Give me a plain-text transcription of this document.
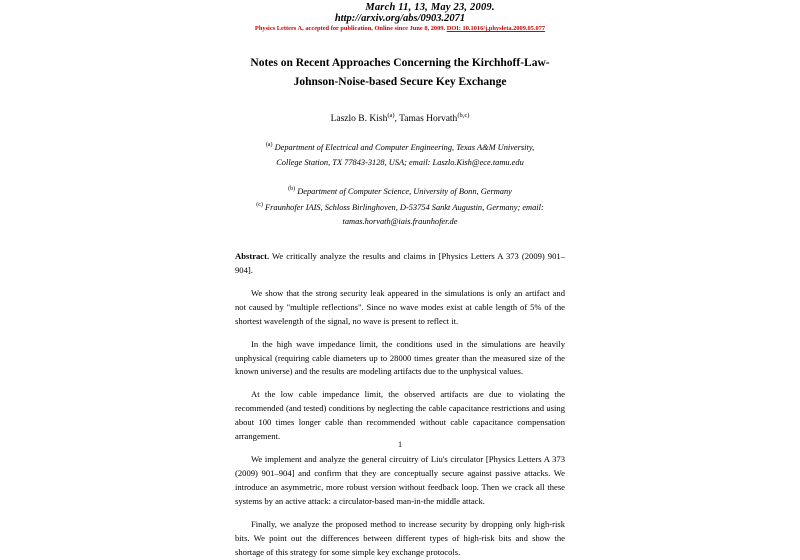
March 11, 13, May 23, 2009.
http://arxiv.org/abs/0903.2071
Physics Letters A, accepted for publication, Online since June 8, 2009. DOI: 10.1016/j.physleta.2009.05.077
Notes on Recent Approaches Concerning the Kirchhoff-Law-
Johnson-Noise-based Secure Key Exchange
Laszlo B. Kish$^{(a)}$, Tamas Horvath$^{(b,c)}$
$^{(a)}$ Department of Electrical and Computer Engineering, Texas A&M University,
College Station, TX 77843-3128, USA; email: Laszlo.Kish@ece.tamu.edu
$^{(b)}$ Department of Computer Science, University of Bonn, Germany
$^{(c)}$ Fraunhofer IAIS, Schloss Birlinghoven, D-53754 Sankt Augustin, Germany; email:
tamas.horvath@iais.fraunhofer.de
Abstract. We critically analyze the results and claims in [Physics Letters A 373 (2009) 901–904].
We show that the strong security leak appeared in the simulations is only an artifact and not caused by "multiple reflections". Since no wave modes exist at cable length of 5% of the shortest wavelength of the signal, no wave is present to reflect it.
In the high wave impedance limit, the conditions used in the simulations are heavily unphysical (requiring cable diameters up to 28000 times greater than the measured size of the known universe) and the results are modeling artifacts due to the unphysical values.
At the low cable impedance limit, the observed artifacts are due to violating the recommended (and tested) conditions by neglecting the cable capacitance restrictions and using about 100 times longer cable than recommended without cable capacitance compensation arrangement.
We implement and analyze the general circuitry of Liu's circulator [Physics Letters A 373 (2009) 901–904] and confirm that they are conceptually secure against passive attacks. We introduce an asymmetric, more robust version without feedback loop. Then we crack all these systems by an active attack: a circulator-based man-in-the middle attack.
Finally, we analyze the proposed method to increase security by dropping only high-risk bits. We point out the differences between different types of high-risk bits and show the shortage of this strategy for some simple key exchange protocols.
1
